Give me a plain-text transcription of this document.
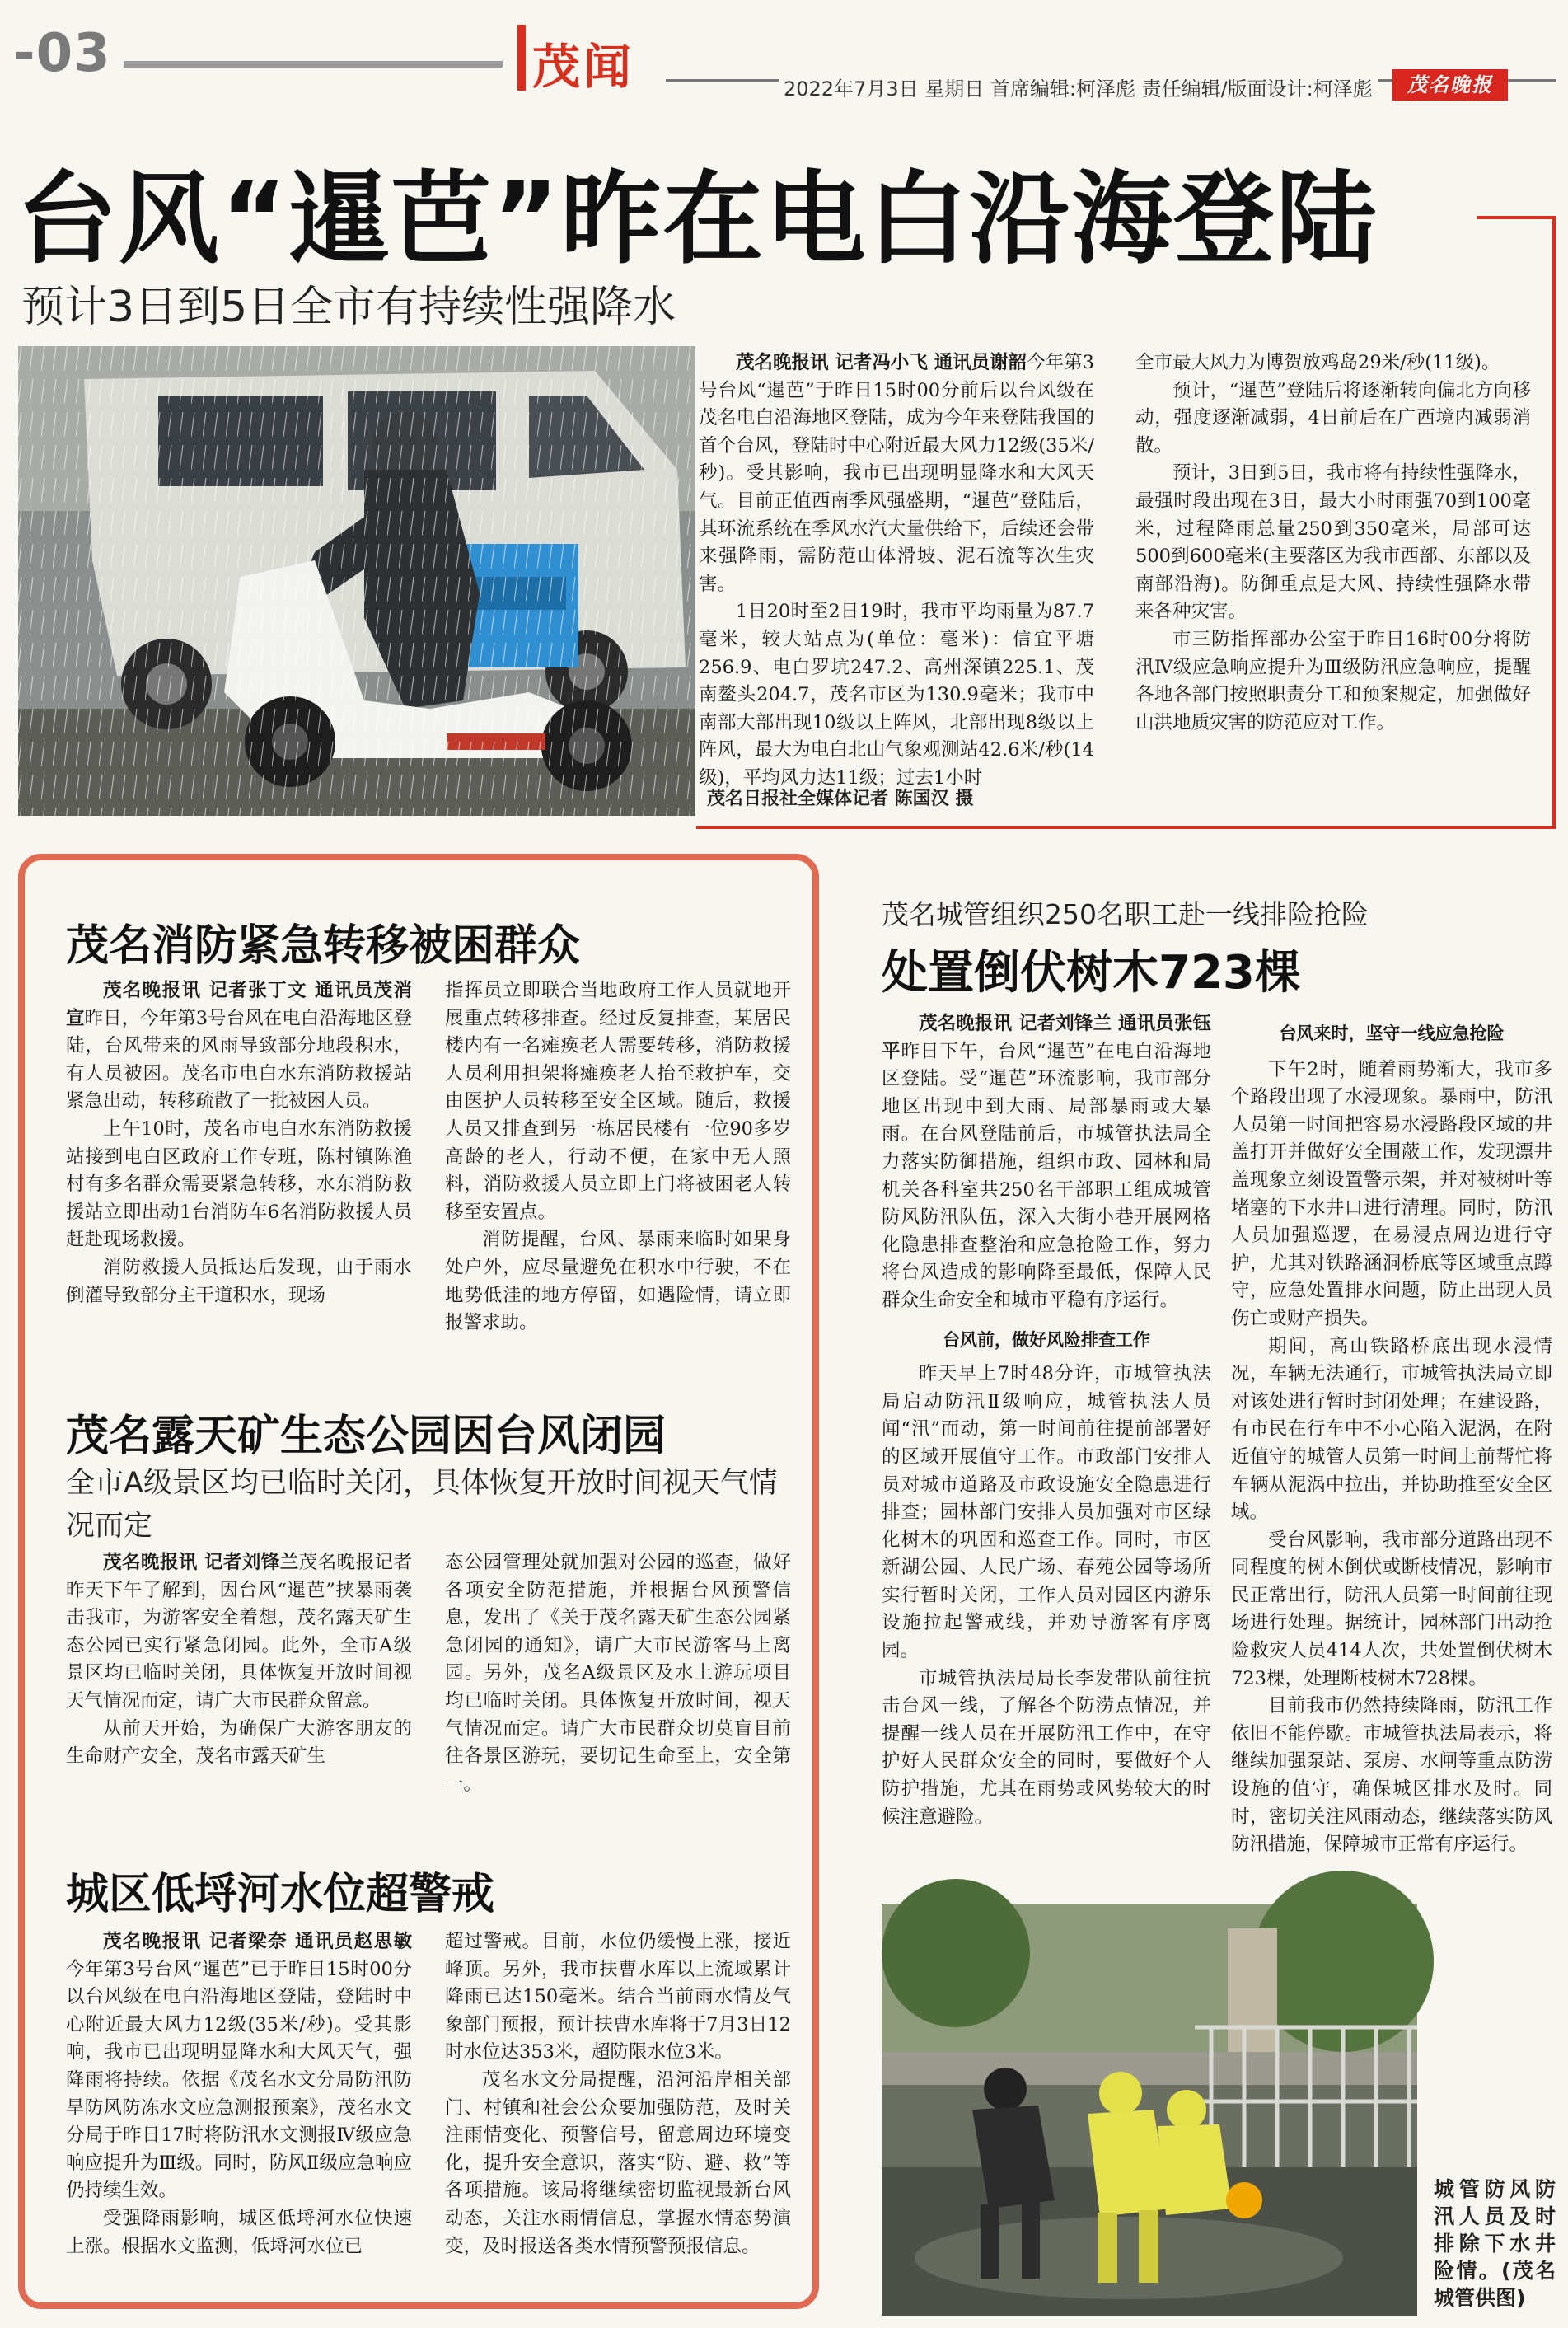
-03	茂闻	2022年7月3日 星期日 首席编辑:柯泽彪 责任编辑/版面设计:柯泽彪	茂名晚报
台风“暹芭”昨在电白沿海登陆
预计3日到5日全市有持续性强降水
茂名日报社全媒体记者 陈国汉 摄

茂名晚报讯 记者冯小飞 通讯员谢韶今年第3号台风“暹芭”于昨日15时00分前后以台风级在茂名电白沿海地区登陆，成为今年来登陆我国的首个台风，登陆时中心附近最大风力12级(35米/秒)。受其影响，我市已出现明显降水和大风天气。目前正值西南季风强盛期，“暹芭”登陆后，其环流系统在季风水汽大量供给下，后续还会带来强降雨，需防范山体滑坡、泥石流等次生灾害。

1日20时至2日19时，我市平均雨量为87.7毫米，较大站点为(单位：毫米)：信宜平塘256.9、电白罗坑247.2、高州深镇225.1、茂南鳌头204.7，茂名市区为130.9毫米；我市中南部大部出现10级以上阵风，北部出现8级以上阵风，最大为电白北山气象观测站42.6米/秒(14级)，平均风力达11级；过去1小时

全市最大风力为博贺放鸡岛29米/秒(11级)。

预计，“暹芭”登陆后将逐渐转向偏北方向移动，强度逐渐减弱，4日前后在广西境内减弱消散。

预计，3日到5日，我市将有持续性强降水，最强时段出现在3日，最大小时雨强70到100毫米，过程降雨总量250到350毫米，局部可达500到600毫米(主要落区为我市西部、东部以及南部沿海)。防御重点是大风、持续性强降水带来各种灾害。

市三防指挥部办公室于昨日16时00分将防汛Ⅳ级应急响应提升为Ⅲ级防汛应急响应，提醒各地各部门按照职责分工和预案规定，加强做好山洪地质灾害的防范应对工作。

茂名消防紧急转移被困群众

茂名晚报讯 记者张丁文 通讯员茂消宣昨日，今年第3号台风在电白沿海地区登陆，台风带来的风雨导致部分地段积水，有人员被困。茂名市电白水东消防救援站紧急出动，转移疏散了一批被困人员。

上午10时，茂名市电白水东消防救援站接到电白区政府工作专班，陈村镇陈渔村有多名群众需要紧急转移，水东消防救援站立即出动1台消防车6名消防救援人员赶赴现场救援。

消防救援人员抵达后发现，由于雨水倒灌导致部分主干道积水，现场

指挥员立即联合当地政府工作人员就地开展重点转移排查。经过反复排查，某居民楼内有一名瘫痪老人需要转移，消防救援人员利用担架将瘫痪老人抬至救护车，交由医护人员转移至安全区域。随后，救援人员又排查到另一栋居民楼有一位90多岁高龄的老人，行动不便，在家中无人照料，消防救援人员立即上门将被困老人转移至安置点。

消防提醒，台风、暴雨来临时如果身处户外，应尽量避免在积水中行驶，不在地势低洼的地方停留，如遇险情，请立即报警求助。

茂名露天矿生态公园因台风闭园
全市A级景区均已临时关闭，具体恢复开放时间视天气情况而定

茂名晚报讯 记者刘锋兰茂名晚报记者昨天下午了解到，因台风“暹芭”挟暴雨袭击我市，为游客安全着想，茂名露天矿生态公园已实行紧急闭园。此外，全市A级景区均已临时关闭，具体恢复开放时间视天气情况而定，请广大市民群众留意。

从前天开始，为确保广大游客朋友的生命财产安全，茂名市露天矿生

态公园管理处就加强对公园的巡查，做好各项安全防范措施，并根据台风预警信息，发出了《关于茂名露天矿生态公园紧急闭园的通知》，请广大市民游客马上离园。另外，茂名A级景区及水上游玩项目均已临时关闭。具体恢复开放时间，视天气情况而定。请广大市民群众切莫盲目前往各景区游玩，要切记生命至上，安全第一。

城区低埒河水位超警戒

茂名晚报讯 记者梁奈 通讯员赵思敏今年第3号台风“暹芭”已于昨日15时00分以台风级在电白沿海地区登陆，登陆时中心附近最大风力12级(35米/秒)。受其影响，我市已出现明显降水和大风天气，强降雨将持续。依据《茂名水文分局防汛防旱防风防冻水文应急测报预案》，茂名水文分局于昨日17时将防汛水文测报Ⅳ级应急响应提升为Ⅲ级。同时，防风Ⅱ级应急响应仍持续生效。

受强降雨影响，城区低埒河水位快速上涨。根据水文监测，低埒河水位已

超过警戒。目前，水位仍缓慢上涨，接近峰顶。另外，我市扶曹水库以上流域累计降雨已达150毫米。结合当前雨水情及气象部门预报，预计扶曹水库将于7月3日12时水位达353米，超防限水位3米。

茂名水文分局提醒，沿河沿岸相关部门、村镇和社会公众要加强防范，及时关注雨情变化、预警信号，留意周边环境变化，提升安全意识，落实“防、避、救”等各项措施。该局将继续密切监视最新台风动态，关注水雨情信息，掌握水情态势演变，及时报送各类水情预警预报信息。

茂名城管组织250名职工赴一线排险抢险
处置倒伏树木723棵

茂名晚报讯 记者刘锋兰 通讯员张钰平昨日下午，台风“暹芭”在电白沿海地区登陆。受“暹芭”环流影响，我市部分地区出现中到大雨、局部暴雨或大暴雨。在台风登陆前后，市城管执法局全力落实防御措施，组织市政、园林和局机关各科室共250名干部职工组成城管防风防汛队伍，深入大街小巷开展网格化隐患排查整治和应急抢险工作，努力将台风造成的影响降至最低，保障人民群众生命安全和城市平稳有序运行。

台风前，做好风险排查工作

昨天早上7时48分许，市城管执法局启动防汛Ⅱ级响应，城管执法人员闻“汛”而动，第一时间前往提前部署好的区域开展值守工作。市政部门安排人员对城市道路及市政设施安全隐患进行排查；园林部门安排人员加强对市区绿化树木的巩固和巡查工作。同时，市区新湖公园、人民广场、春苑公园等场所实行暂时关闭，工作人员对园区内游乐设施拉起警戒线，并劝导游客有序离园。

市城管执法局局长李发带队前往抗击台风一线，了解各个防涝点情况，并提醒一线人员在开展防汛工作中，在守护好人民群众安全的同时，要做好个人防护措施，尤其在雨势或风势较大的时候注意避险。

台风来时，坚守一线应急抢险

下午2时，随着雨势渐大，我市多个路段出现了水浸现象。暴雨中，防汛人员第一时间把容易水浸路段区域的井盖打开并做好安全围蔽工作，发现漂井盖现象立刻设置警示架，并对被树叶等堵塞的下水井口进行清理。同时，防汛人员加强巡逻，在易浸点周边进行守护，尤其对铁路涵洞桥底等区域重点蹲守，应急处置排水问题，防止出现人员伤亡或财产损失。

期间，高山铁路桥底出现水浸情况，车辆无法通行，市城管执法局立即对该处进行暂时封闭处理；在建设路，有市民在行车中不小心陷入泥涡，在附近值守的城管人员第一时间上前帮忙将车辆从泥涡中拉出，并协助推至安全区域。

受台风影响，我市部分道路出现不同程度的树木倒伏或断枝情况，影响市民正常出行，防汛人员第一时间前往现场进行处理。据统计，园林部门出动抢险救灾人员414人次，共处置倒伏树木723棵，处理断枝树木728棵。

目前我市仍然持续降雨，防汛工作依旧不能停歇。市城管执法局表示，将继续加强泵站、泵房、水闸等重点防涝设施的值守，确保城区排水及时。同时，密切关注风雨动态，继续落实防风防汛措施，保障城市正常有序运行。

城管防风防汛人员及时排除下水井险情。(茂名城管供图)
